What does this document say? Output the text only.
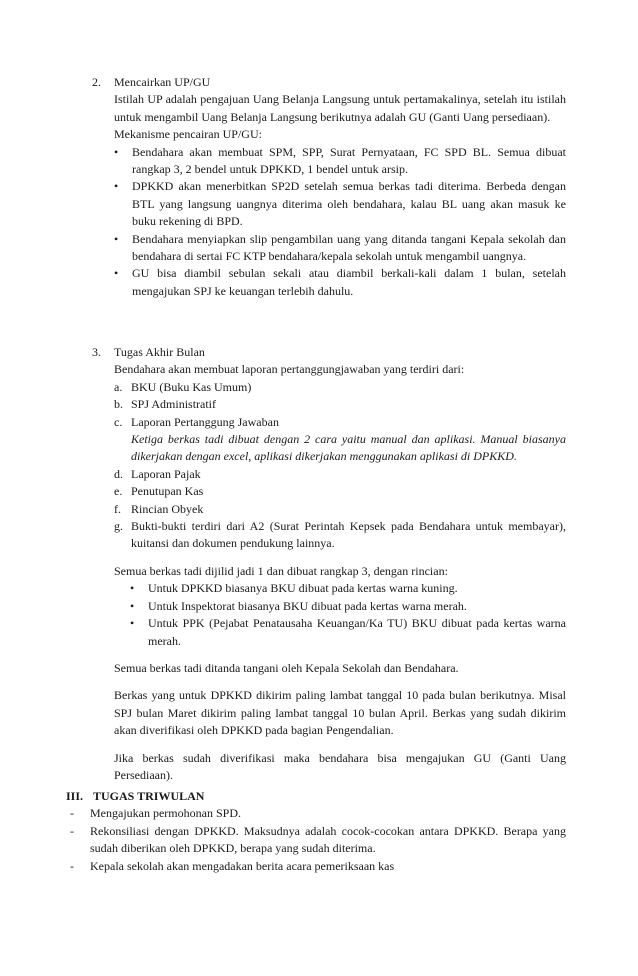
2.	Mencairkan UP/GU

Istilah UP adalah pengajuan Uang Belanja Langsung untuk pertamakalinya, setelah itu istilah untuk mengambil Uang Belanja Langsung berikutnya adalah GU (Ganti Uang persediaan).

Mekanisme pencairan UP/GU:

•	Bendahara akan membuat SPM, SPP, Surat Pernyataan, FC SPD BL. Semua dibuat rangkap 3, 2 bendel untuk DPKKD, 1 bendel untuk arsip.
•	DPKKD akan menerbitkan SP2D setelah semua berkas tadi diterima. Berbeda dengan BTL yang langsung uangnya diterima oleh bendahara, kalau BL uang akan masuk ke buku rekening di BPD.
•	Bendahara menyiapkan slip pengambilan uang yang ditanda tangani Kepala sekolah dan bendahara di sertai FC KTP bendahara/kepala sekolah untuk mengambil uangnya.
•	GU bisa diambil sebulan sekali atau diambil berkali-kali dalam 1 bulan, setelah mengajukan SPJ ke keuangan terlebih dahulu.
3.	Tugas Akhir Bulan

Bendahara akan membuat laporan pertanggungjawaban yang terdiri dari:

a. BKU (Buku Kas Umum)
b. SPJ Administratif
c. Laporan Pertanggung Jawaban
Ketiga berkas tadi dibuat dengan 2 cara yaitu manual dan aplikasi. Manual biasanya dikerjakan dengan excel, aplikasi dikerjakan menggunakan aplikasi di DPKKD.
d. Laporan Pajak
e. Penutupan Kas
f. Rincian Obyek
g. Bukti-bukti terdiri dari A2 (Surat Perintah Kepsek pada Bendahara untuk membayar), kuitansi dan dokumen pendukung lainnya.

Semua berkas tadi dijilid jadi 1 dan dibuat rangkap 3, dengan rincian:

•	Untuk DPKKD biasanya BKU dibuat pada kertas warna kuning.
•	Untuk Inspektorat biasanya BKU dibuat pada kertas warna merah.
•	Untuk PPK (Pejabat Penatausaha Keuangan/Ka TU) BKU dibuat pada kertas warna merah.

Semua berkas tadi ditanda tangani oleh Kepala Sekolah dan Bendahara.

Berkas yang untuk DPKKD dikirim paling lambat tanggal 10 pada bulan berikutnya. Misal SPJ bulan Maret dikirim paling lambat tanggal 10 bulan April. Berkas yang sudah dikirim akan diverifikasi oleh DPKKD pada bagian Pengendalian.

Jika berkas sudah diverifikasi maka bendahara bisa mengajukan GU (Ganti Uang Persediaan).

III. TUGAS TRIWULAN

-	Mengajukan permohonan SPD.
-	Rekonsiliasi dengan DPKKD. Maksudnya adalah cocok-cocokan antara DPKKD. Berapa yang sudah diberikan oleh DPKKD, berapa yang sudah diterima.
-	Kepala sekolah akan mengadakan berita acara pemeriksaan kas
